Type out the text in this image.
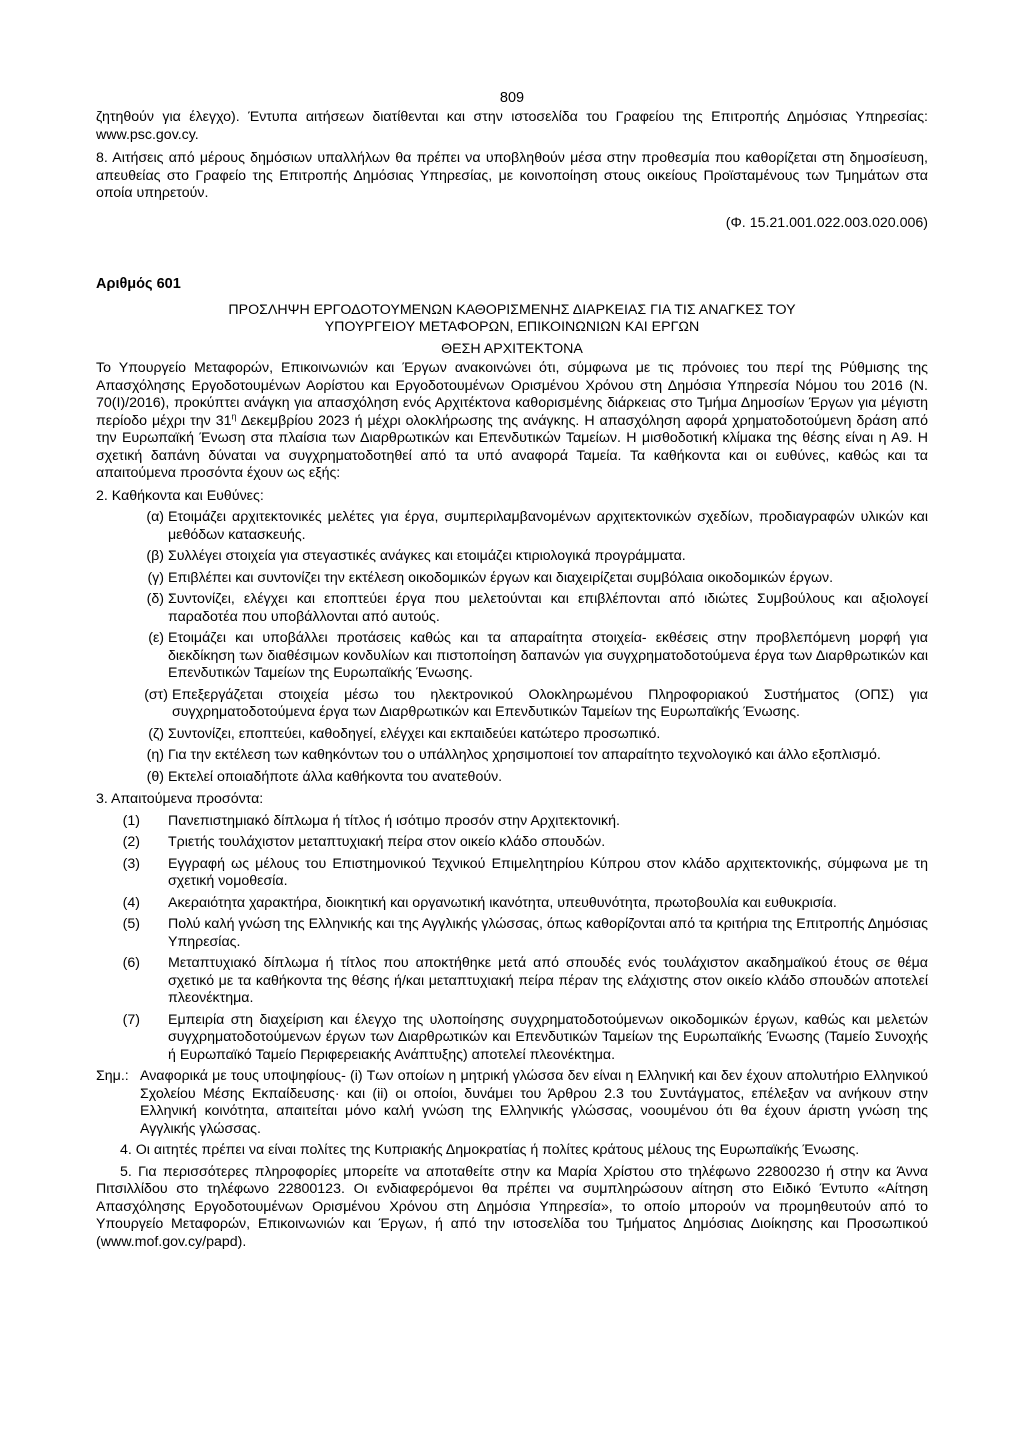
809

ζητηθούν για έλεγχο). Έντυπα αιτήσεων διατίθενται και στην ιστοσελίδα του Γραφείου της Επιτροπής Δημόσιας Υπηρεσίας: www.psc.gov.cy.

8. Αιτήσεις από μέρους δημόσιων υπαλλήλων θα πρέπει να υποβληθούν μέσα στην προθεσμία που καθορίζεται στη δημοσίευση, απευθείας στο Γραφείο της Επιτροπής Δημόσιας Υπηρεσίας, με κοινοποίηση στους οικείους Προϊσταμένους των Τμημάτων στα οποία υπηρετούν.

(Φ. 15.21.001.022.003.020.006)

Αριθμός 601

ΠΡΟΣΛΗΨΗ ΕΡΓΟΔΟΤΟΥΜΕΝΩΝ ΚΑΘΟΡΙΣΜΕΝΗΣ ΔΙΑΡΚΕΙΑΣ ΓΙΑ ΤΙΣ ΑΝΑΓΚΕΣ ΤΟΥ

ΥΠΟΥΡΓΕΙΟΥ ΜΕΤΑΦΟΡΩΝ, ΕΠΙΚΟΙΝΩΝΙΩΝ ΚΑΙ ΕΡΓΩΝ

ΘΕΣΗ ΑΡΧΙΤΕΚΤΟΝΑ

Το Υπουργείο Μεταφορών, Επικοινωνιών και Έργων ανακοινώνει ότι, σύμφωνα με τις πρόνοιες του περί της Ρύθμισης της Απασχόλησης Εργοδοτουμένων Αορίστου και Εργοδοτουμένων Ορισμένου Χρόνου στη Δημόσια Υπηρεσία Νόμου του 2016 (Ν. 70(Ι)/2016), προκύπτει ανάγκη για απασχόληση ενός Αρχιτέκτονα καθορισμένης διάρκειας στο Τμήμα Δημοσίων Έργων για μέγιστη περίοδο μέχρι την $31^\eta$ Δεκεμβρίου 2023 ή μέχρι ολοκλήρωσης της ανάγκης. Η απασχόληση αφορά χρηματοδοτούμενη δράση από την Ευρωπαϊκή Ένωση στα πλαίσια των Διαρθρωτικών και Επενδυτικών Ταμείων. Η μισθοδοτική κλίμακα της θέσης είναι η Α9. Η σχετική δαπάνη δύναται να συγχρηματοδοτηθεί από τα υπό αναφορά Ταμεία. Τα καθήκοντα και οι ευθύνες, καθώς και τα απαιτούμενα προσόντα έχουν ως εξής:

2. Καθήκοντα και Ευθύνες:

(α) Ετοιμάζει αρχιτεκτονικές μελέτες για έργα, συμπεριλαμβανομένων αρχιτεκτονικών σχεδίων, προδιαγραφών υλικών και μεθόδων κατασκευής.
(β) Συλλέγει στοιχεία για στεγαστικές ανάγκες και ετοιμάζει κτιριολογικά προγράμματα.
(γ) Επιβλέπει και συντονίζει την εκτέλεση οικοδομικών έργων και διαχειρίζεται συμβόλαια οικοδομικών έργων.
(δ) Συντονίζει, ελέγχει και εποπτεύει έργα που μελετούνται και επιβλέπονται από ιδιώτες Συμβούλους και αξιολογεί παραδοτέα που υποβάλλονται από αυτούς.
(ε) Ετοιμάζει και υποβάλλει προτάσεις καθώς και τα απαραίτητα στοιχεία- εκθέσεις στην προβλεπόμενη μορφή για διεκδίκηση των διαθέσιμων κονδυλίων και πιστοποίηση δαπανών για συγχρηματοδοτούμενα έργα των Διαρθρωτικών και Επενδυτικών Ταμείων της Ευρωπαϊκής Ένωσης.
(στ) Επεξεργάζεται στοιχεία μέσω του ηλεκτρονικού Ολοκληρωμένου Πληροφοριακού Συστήματος (ΟΠΣ) για συγχρηματοδοτούμενα έργα των Διαρθρωτικών και Επενδυτικών Ταμείων της Ευρωπαϊκής Ένωσης.
(ζ) Συντονίζει, εποπτεύει, καθοδηγεί, ελέγχει και εκπαιδεύει κατώτερο προσωπικό.
(η) Για την εκτέλεση των καθηκόντων του ο υπάλληλος χρησιμοποιεί τον απαραίτητο τεχνολογικό και άλλο εξοπλισμό.
(θ) Εκτελεί οποιαδήποτε άλλα καθήκοντα του ανατεθούν.

3. Απαιτούμενα προσόντα:

(1)	Πανεπιστημιακό δίπλωμα ή τίτλος ή ισότιμο προσόν στην Αρχιτεκτονική.
(2)	Τριετής τουλάχιστον μεταπτυχιακή πείρα στον οικείο κλάδο σπουδών.
(3)	Εγγραφή ως μέλους του Επιστημονικού Τεχνικού Επιμελητηρίου Κύπρου στον κλάδο αρχιτεκτονικής, σύμφωνα με τη σχετική νομοθεσία.
(4)	Ακεραιότητα χαρακτήρα, διοικητική και οργανωτική ικανότητα, υπευθυνότητα, πρωτοβουλία και ευθυκρισία.
(5)	Πολύ καλή γνώση της Ελληνικής και της Αγγλικής γλώσσας, όπως καθορίζονται από τα κριτήρια της Επιτροπής Δημόσιας Υπηρεσίας.
(6)	Μεταπτυχιακό δίπλωμα ή τίτλος που αποκτήθηκε μετά από σπουδές ενός τουλάχιστον ακαδημαϊκού έτους σε θέμα σχετικό με τα καθήκοντα της θέσης ή/και μεταπτυχιακή πείρα πέραν της ελάχιστης στον οικείο κλάδο σπουδών αποτελεί πλεονέκτημα.
(7)	Εμπειρία στη διαχείριση και έλεγχο της υλοποίησης συγχρηματοδοτούμενων οικοδομικών έργων, καθώς και μελετών συγχρηματοδοτούμενων έργων των Διαρθρωτικών και Επενδυτικών Ταμείων της Ευρωπαϊκής Ένωσης (Ταμείο Συνοχής ή Ευρωπαϊκό Ταμείο Περιφερειακής Ανάπτυξης) αποτελεί πλεονέκτημα.
Σημ.: Αναφορικά με τους υποψηφίους- (i) Των οποίων η μητρική γλώσσα δεν είναι η Ελληνική και δεν έχουν απολυτήριο Ελληνικού Σχολείου Μέσης Εκπαίδευσης· και (ii) οι οποίοι, δυνάμει του Άρθρου 2.3 του Συντάγματος, επέλεξαν να ανήκουν στην Ελληνική κοινότητα, απαιτείται μόνο καλή γνώση της Ελληνικής γλώσσας, νοουμένου ότι θα έχουν άριστη γνώση της Αγγλικής γλώσσας.

4. Οι αιτητές πρέπει να είναι πολίτες της Κυπριακής Δημοκρατίας ή πολίτες κράτους μέλους της Ευρωπαϊκής Ένωσης.

5. Για περισσότερες πληροφορίες μπορείτε να αποταθείτε στην κα Μαρία Χρίστου στο τηλέφωνο 22800230 ή στην κα Άννα Πιτσιλλίδου στο τηλέφωνο 22800123. Οι ενδιαφερόμενοι θα πρέπει να συμπληρώσουν αίτηση στο Ειδικό Έντυπο «Αίτηση Απασχόλησης Εργοδοτουμένων Ορισμένου Χρόνου στη Δημόσια Υπηρεσία», το οποίο μπορούν να προμηθευτούν από το Υπουργείο Μεταφορών, Επικοινωνιών και Έργων, ή από την ιστοσελίδα του Τμήματος Δημόσιας Διοίκησης και Προσωπικού (www.mof.gov.cy/papd).
